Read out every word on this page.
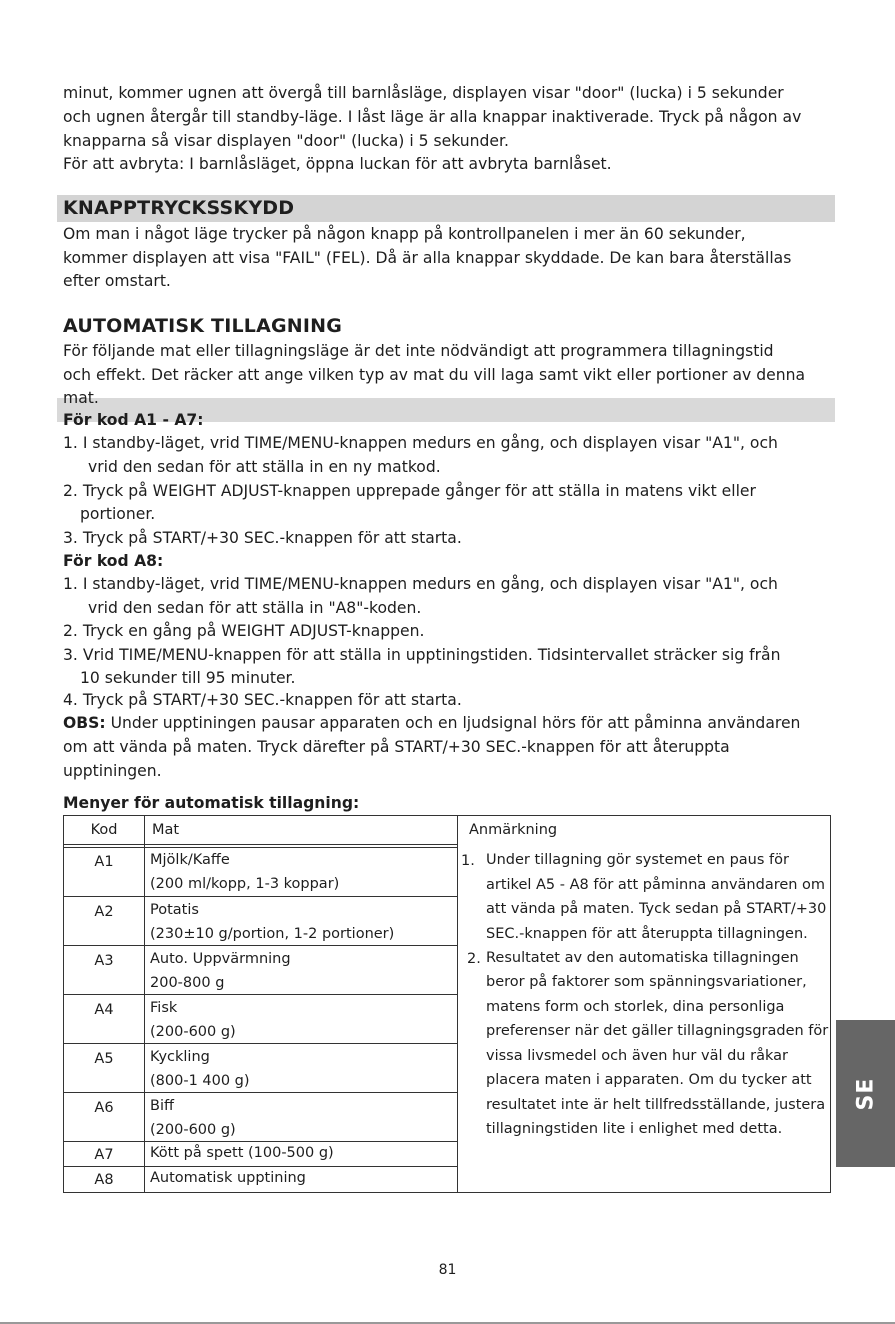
minut, kommer ugnen att övergå till barnlåsläge, displayen visar "door" (lucka) i 5 sekunder
och ugnen återgår till standby-läge. I låst läge är alla knappar inaktiverade. Tryck på någon av
knapparna så visar displayen "door" (lucka) i 5 sekunder.
För att avbryta: I barnlåsläget, öppna luckan för att avbryta barnlåset.
KNAPPTRYCKSSKYDD
Om man i något läge trycker på någon knapp på kontrollpanelen i mer än 60 sekunder,
kommer displayen att visa "FAIL" (FEL). Då är alla knappar skyddade. De kan bara återställas
efter omstart.
AUTOMATISK TILLAGNING
För följande mat eller tillagningsläge är det inte nödvändigt att programmera tillagningstid
och effekt. Det räcker att ange vilken typ av mat du vill laga samt vikt eller portioner av denna
mat.
För kod A1 - A7:
1. I standby-läget, vrid TIME/MENU-knappen medurs en gång, och displayen visar "A1", och
vrid den sedan för att ställa in en ny matkod.
2. Tryck på WEIGHT ADJUST-knappen upprepade gånger för att ställa in matens vikt eller
portioner.
3. Tryck på START/+30 SEC.-knappen för att starta.
För kod A8:
1. I standby-läget, vrid TIME/MENU-knappen medurs en gång, och displayen visar "A1", och
vrid den sedan för att ställa in "A8"-koden.
2. Tryck en gång på WEIGHT ADJUST-knappen.
3. Vrid TIME/MENU-knappen för att ställa in upptiningstiden. Tidsintervallet sträcker sig från
10 sekunder till 95 minuter.
4. Tryck på START/+30 SEC.-knappen för att starta.
OBS: Under upptiningen pausar apparaten och en ljudsignal hörs för att påminna användaren
om att vända på maten. Tryck därefter på START/+30 SEC.-knappen för att återuppta
upptiningen.
Menyer för automatisk tillagning:
Kod	Mat	Anmärkning
A1	Mjölk/Kaffe
(200 ml/kopp, 1-3 koppar)
A2	Potatis
(230±10 g/portion, 1-2 portioner)
A3	Auto. Uppvärmning
200-800 g
A4	Fisk
(200-600 g)
A5	Kyckling
(800-1 400 g)
A6	Biff
(200-600 g)
A7	Kött på spett (100-500 g)
A8	Automatisk upptining
1. Under tillagning gör systemet en paus för
artikel A5 - A8 för att påminna användaren om
att vända på maten. Tyck sedan på START/+30
SEC.-knappen för att återuppta tillagningen.
2. Resultatet av den automatiska tillagningen
beror på faktorer som spänningsvariationer,
matens form och storlek, dina personliga
preferenser när det gäller tillagningsgraden för
vissa livsmedel och även hur väl du råkar
placera maten i apparaten. Om du tycker att
resultatet inte är helt tillfredsställande, justera
tillagningstiden lite i enlighet med detta.
SE
81
